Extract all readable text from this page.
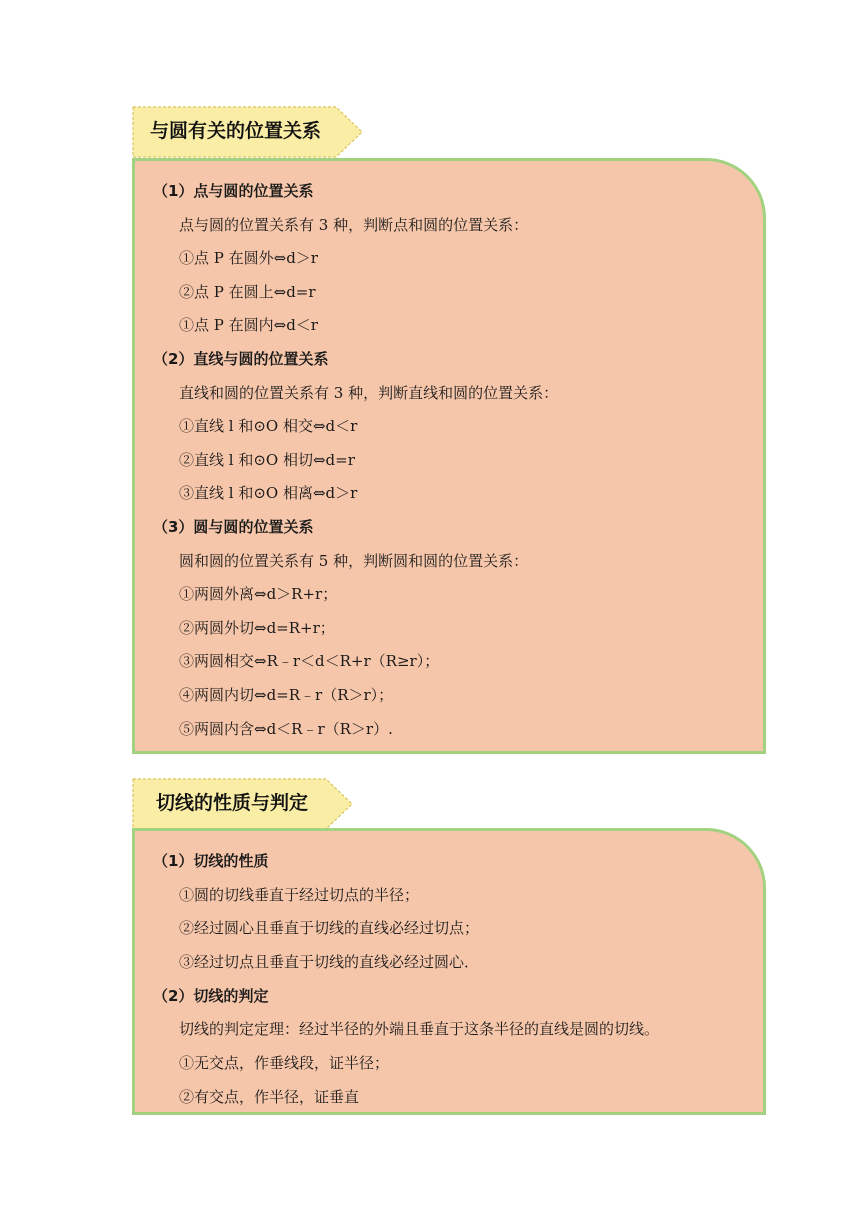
与圆有关的位置关系
（1）点与圆的位置关系
点与圆的位置关系有 3 种，判断点和圆的位置关系：
①点 P 在圆外⇔d＞r
②点 P 在圆上⇔d=r
①点 P 在圆内⇔d＜r
（2）直线与圆的位置关系
直线和圆的位置关系有 3 种，判断直线和圆的位置关系：
①直线 l 和⊙O 相交⇔d＜r
②直线 l 和⊙O 相切⇔d=r
③直线 l 和⊙O 相离⇔d＞r
（3）圆与圆的位置关系
圆和圆的位置关系有 5 种，判断圆和圆的位置关系：
①两圆外离⇔d＞R+r；
②两圆外切⇔d=R+r；
③两圆相交⇔R﹣r＜d＜R+r（R≥r）；
④两圆内切⇔d=R﹣r（R＞r）；
⑤两圆内含⇔d＜R﹣r（R＞r）.
切线的性质与判定
（1）切线的性质
①圆的切线垂直于经过切点的半径；
②经过圆心且垂直于切线的直线必经过切点；
③经过切点且垂直于切线的直线必经过圆心．
（2）切线的判定
切线的判定定理：经过半径的外端且垂直于这条半径的直线是圆的切线。
①无交点，作垂线段，证半径；
②有交点，作半径，证垂直
